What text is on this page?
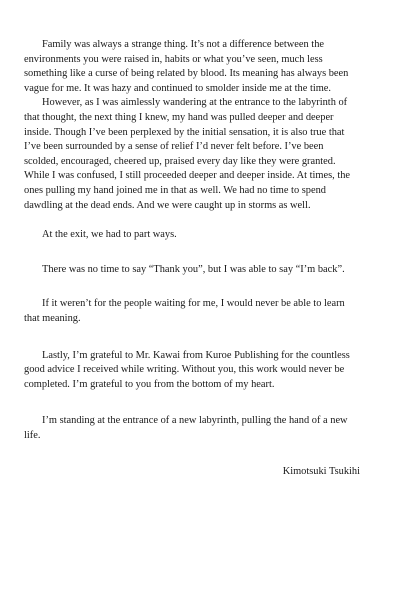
Family was always a strange thing. It’s not a difference between the environments you were raised in, habits or what you’ve seen, much less something like a curse of being related by blood. Its meaning has always been vague for me. It was hazy and continued to smolder inside me at the time.

However, as I was aimlessly wandering at the entrance to the labyrinth of that thought, the next thing I knew, my hand was pulled deeper and deeper inside. Though I’ve been perplexed by the initial sensation, it is also true that I’ve been surrounded by a sense of relief I’d never felt before. I’ve been scolded, encouraged, cheered up, praised every day like they were granted. While I was confused, I still proceeded deeper and deeper inside. At times, the ones pulling my hand joined me in that as well. We had no time to spend dawdling at the dead ends. And we were caught up in storms as well.

At the exit, we had to part ways.

There was no time to say “Thank you”, but I was able to say “I’m back”.

If it weren’t for the people waiting for me, I would never be able to learn that meaning.

Lastly, I’m grateful to Mr. Kawai from Kuroe Publishing for the countless good advice I received while writing. Without you, this work would never be completed. I’m grateful to you from the bottom of my heart.

I’m standing at the entrance of a new labyrinth, pulling the hand of a new life.

Kimotsuki Tsukihi
